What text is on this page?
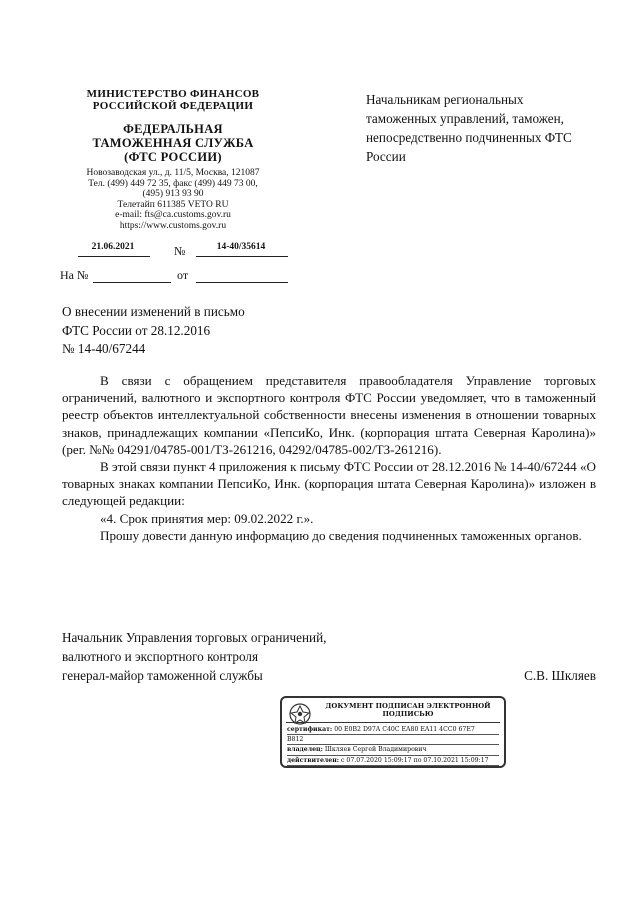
МИНИСТЕРСТВО ФИНАНСОВ
РОССИЙСКОЙ ФЕДЕРАЦИИ
ФЕДЕРАЛЬНАЯ
ТАМОЖЕННАЯ СЛУЖБА
(ФТС РОССИИ)
Новозаводская ул., д. 11/5, Москва, 121087
Тел. (499) 449 72 35, факс (499) 449 73 00,
(495) 913 93 90
Телетайп 611385 VETO RU
e-mail: fts@ca.customs.gov.ru
https://www.customs.gov.ru
21.06.2021	№	14-40/35614
На №	от
Начальникам региональных таможенных управлений, таможен, непосредственно подчиненных ФТС России
О внесении изменений в письмо
ФТС России от 28.12.2016
№ 14-40/67244

В связи с обращением представителя правообладателя Управление торговых ограничений, валютного и экспортного контроля ФТС России уведомляет, что в таможенный реестр объектов интеллектуальной собственности внесены изменения в отношении товарных знаков, принадлежащих компании «ПепсиКо, Инк. (корпорация штата Северная Каролина)» (рег. №№ 04291/04785-001/ТЗ-261216, 04292/04785-002/ТЗ-261216).

В этой связи пункт 4 приложения к письму ФТС России от 28.12.2016 № 14-40/67244 «О товарных знаках компании ПепсиКо, Инк. (корпорация штата Северная Каролина)» изложен в следующей редакции:

«4. Срок принятия мер: 09.02.2022 г.».

Прошу довести данную информацию до сведения подчиненных таможенных органов.

Начальник Управления торговых ограничений,
валютного и экспортного контроля
генерал-майор таможенной службы	С.В. Шкляев
ДОКУМЕНТ ПОДПИСАН ЭЛЕКТРОННОЙ
ПОДПИСЬЮ
сертификат: 00 E0B2 D97A C40C EA80 EA11 4CC0 67E7
B812
владелец: Шкляев Сергей Владимирович
действителен: с 07.07.2020 15:09:17 по 07.10.2021 15:09:17
